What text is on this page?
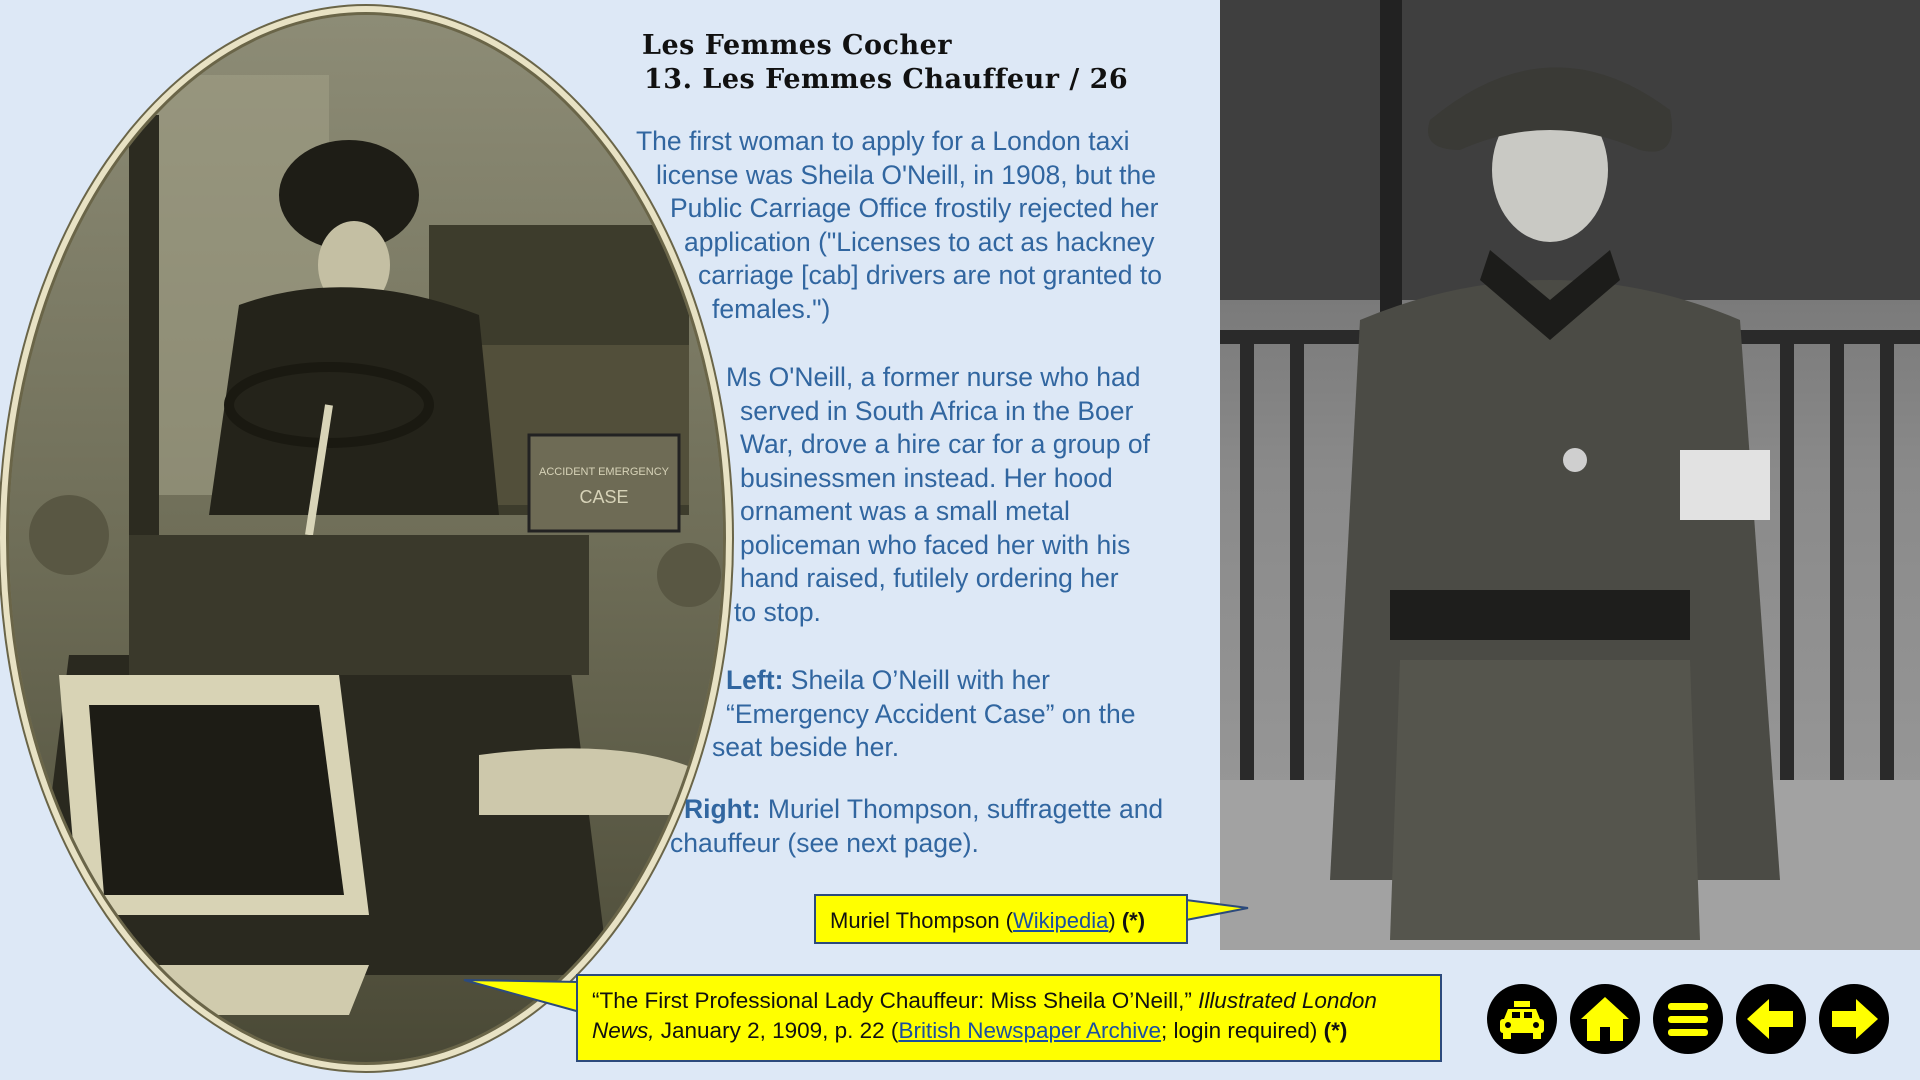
ACCIDENT EMERGENCY
CASE
Les Femmes Cocher
13. Les Femmes Chauffeur / 26
The first woman to apply for a London taxi
license was Sheila O'Neill, in 1908, but the
Public Carriage Office frostily rejected her
application ("Licenses to act as hackney
carriage [cab] drivers are not granted to
females.")
Ms O'Neill, a former nurse who had
served in South Africa in the Boer
War, drove a hire car for a group of
businessmen instead. Her hood
ornament was a small metal
policeman who faced her with his
hand raised, futilely ordering her
to stop.
Left: Sheila O’Neill with her
“Emergency Accident Case” on the
seat beside her.
Right: Muriel Thompson, suffragette and
chauffeur (see next page).
Muriel Thompson (Wikipedia) (*)
“The First Professional Lady Chauffeur: Miss Sheila O’Neill,” Illustrated London
News, January 2, 1909, p. 22 (British Newspaper Archive; login required) (*)
